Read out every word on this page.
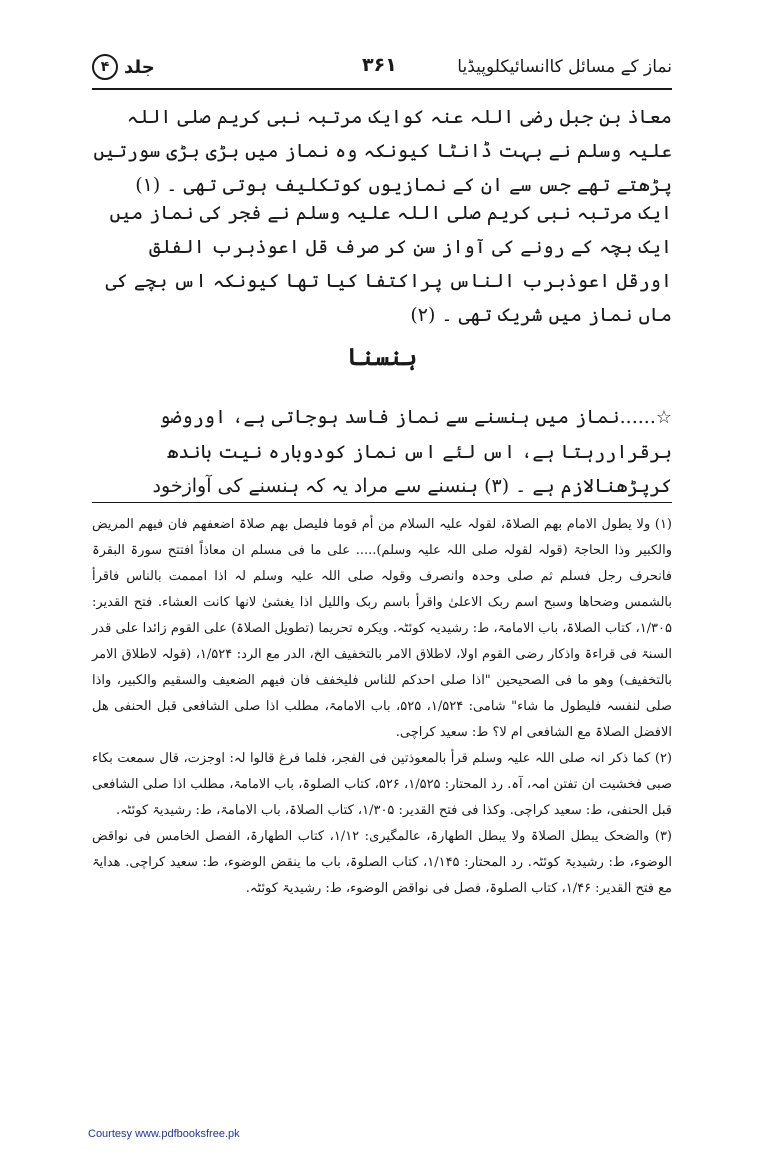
نماز کے مسائل کاانسائیکلوپیڈیا
۳۶۱
جلد
۴
معاذ بن جبل رضی اللہ عنہ کوایک مرتبہ نبی کریم صلی اللہ علیہ وسلم نے بہت ڈانٹا کیونکہ وہ نماز میں بڑی بڑی سورتیں پڑھتے تھے جس سے ان کے نمازیوں کوتکلیف ہوتی تھی ۔ (۱)
ایک مرتبہ نبی کریم صلی اللہ علیہ وسلم نے فجر کی نماز میں ایک بچہ کے رونے کی آواز سن کر صرف قل اعوذبرب الفلق اورقل اعوذبرب الناس پراکتفا کیا تھا کیونکہ اس بچے کی ماں نماز میں شریک تھی ۔ (۲)
ہنسنا
☆......نماز میں ہنسنے سے نماز فاسد ہوجاتی ہے، اوروضو برقراررہتا ہے، اس لئے اس نماز کودوبارہ نیت باندھ کرپڑھنالازم ہے ۔ (۳) ہنسنے سے مراد یہ کہ ہنسنے کی آوازخود

(۱) ولا یطول الامام بھم الصلاۃ، لقولہ علیہ السلام من أم قوما فلیصل بھم صلاۃ اضعفھم فان فیھم المریض والکبیر وذا الحاجۃ (قولہ لقولہ صلی اللہ علیہ وسلم)..... علی ما فی مسلم ان معاذاً افتتح سورۃ البقرۃ فانحرف رجل فسلم ثم صلی وحدہ وانصرف وقولہ صلی اللہ علیہ وسلم لہ اذا امممت بالناس فاقرأ بالشمس وضحاھا وسبح اسم ربک الاعلیٰ واقرأ باسم ربک واللیل اذا یغشیٰ لانھا کانت العشاء. فتح القدیر: ۱/۳۰۵، کتاب الصلاۃ، باب الامامۃ، ط: رشیدیہ کوئٹہ. ویکرہ تحریما (تطویل الصلاۃ) علی القوم زائدا علی قدر السنۃ فی قراءۃ واذکار رضی القوم اولا، لاطلاق الامر بالتخفیف الخ، الدر مع الرد: ۱/۵۲۴، (قولہ لاطلاق الامر بالتخفیف) وھو ما فی الصحیحین "اذا صلی احدکم للناس فلیخفف فان فیھم الضعیف والسقیم والکبیر، واذا صلی لنفسہ فلیطول ما شاء" شامی: ۱/۵۲۴، ۵۲۵، باب الامامۃ، مطلب اذا صلی الشافعی قبل الحنفی ھل الافضل الصلاۃ مع الشافعی ام لا؟ ط: سعید کراچی.

(۲) کما ذکر انہ صلی اللہ علیہ وسلم قرأ بالمعوذتین فی الفجر، فلما فرغ قالوا لہ: اوجزت، قال سمعت بکاء صبی فخشیت ان تفتن امہ، آہ. رد المحتار: ۱/۵۲۵، ۵۲۶، کتاب الصلوۃ، باب الامامۃ، مطلب اذا صلی الشافعی قبل الحنفی، ط: سعید کراچی. وکذا فی فتح القدیر: ۱/۳۰۵، کتاب الصلاۃ، باب الامامۃ، ط: رشیدیۃ کوئٹہ.

(۳) والضحک یبطل الصلاۃ ولا یبطل الطھارۃ، عالمگیری: ۱/۱۲، کتاب الطھارۃ، الفصل الخامس فی نواقض الوضوء، ط: رشیدیۃ کوئٹہ. رد المحتار: ۱/۱۴۵، کتاب الصلوۃ، باب ما ینقض الوضوء، ط: سعید کراچی. ھدایۃ مع فتح القدیر: ۱/۴۶، کتاب الصلوۃ، فصل فی نواقض الوضوء، ط: رشیدیۃ کوئٹہ.

Courtesy www.pdfbooksfree.pk
